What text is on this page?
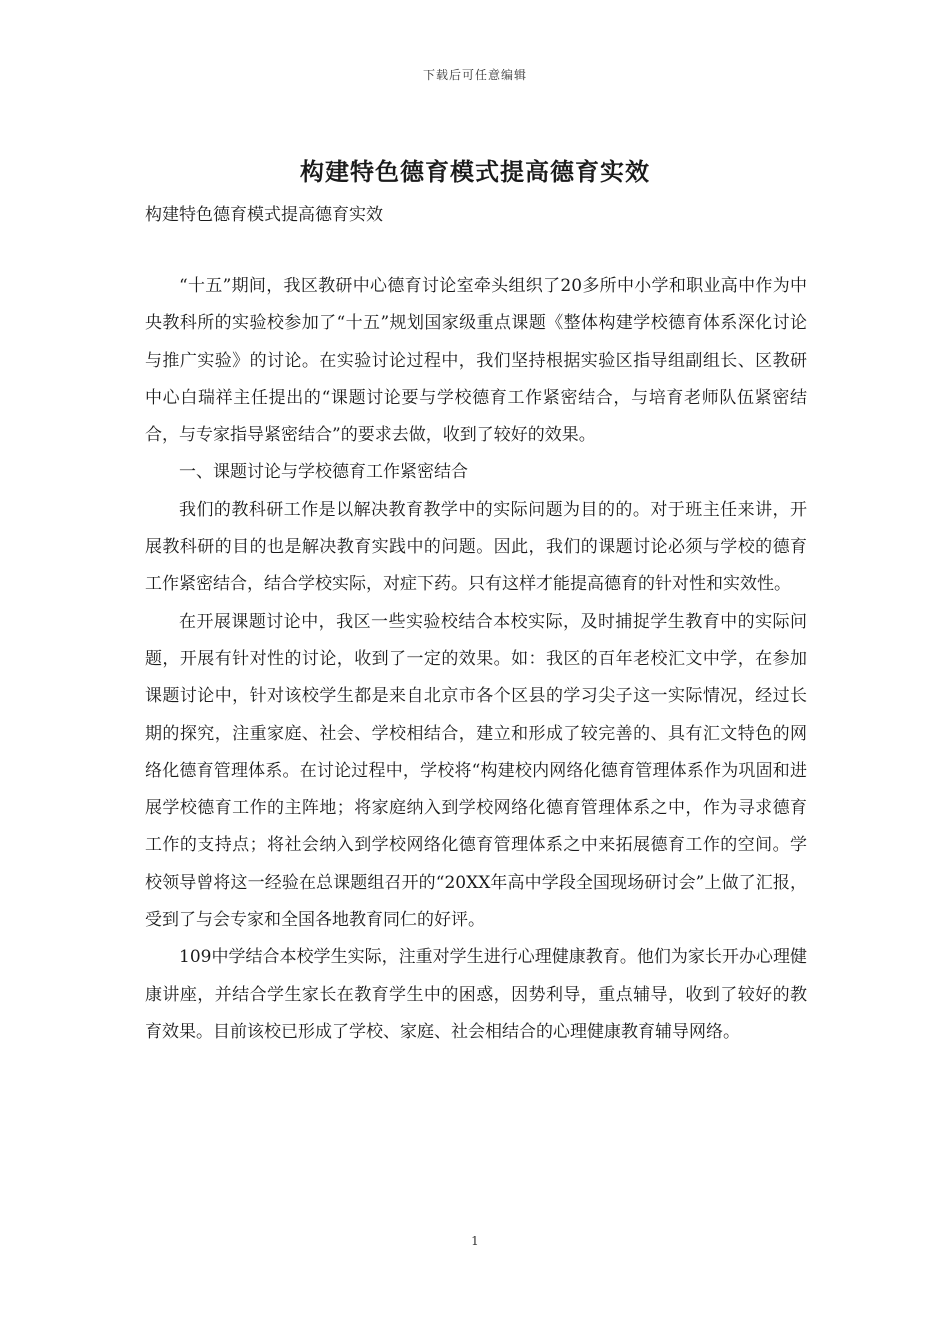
下载后可任意编辑
构建特色德育模式提高德育实效

构建特色德育模式提高德育实效

“十五”期间，我区教研中心德育讨论室牵头组织了20多所中小学和职业高中作为中央教科所的实验校参加了“十五”规划国家级重点课题《整体构建学校德育体系深化讨论与推广实验》的讨论。在实验讨论过程中，我们坚持根据实验区指导组副组长、区教研中心白瑞祥主任提出的“课题讨论要与学校德育工作紧密结合，与培育老师队伍紧密结合，与专家指导紧密结合”的要求去做，收到了较好的效果。

一、课题讨论与学校德育工作紧密结合

我们的教科研工作是以解决教育教学中的实际问题为目的的。对于班主任来讲，开展教科研的目的也是解决教育实践中的问题。因此，我们的课题讨论必须与学校的德育工作紧密结合，结合学校实际，对症下药。只有这样才能提高德育的针对性和实效性。

在开展课题讨论中，我区一些实验校结合本校实际，及时捕捉学生教育中的实际问题，开展有针对性的讨论，收到了一定的效果。如：我区的百年老校汇文中学，在参加课题讨论中，针对该校学生都是来自北京市各个区县的学习尖子这一实际情况，经过长期的探究，注重家庭、社会、学校相结合，建立和形成了较完善的、具有汇文特色的网络化德育管理体系。在讨论过程中，学校将“构建校内网络化德育管理体系作为巩固和进展学校德育工作的主阵地；将家庭纳入到学校网络化德育管理体系之中，作为寻求德育工作的支持点；将社会纳入到学校网络化德育管理体系之中来拓展德育工作的空间。学校领导曾将这一经验在总课题组召开的“20XX年高中学段全国现场研讨会”上做了汇报，受到了与会专家和全国各地教育同仁的好评。

109中学结合本校学生实际，注重对学生进行心理健康教育。他们为家长开办心理健康讲座，并结合学生家长在教育学生中的困惑，因势利导，重点辅导，收到了较好的教育效果。目前该校已形成了学校、家庭、社会相结合的心理健康教育辅导网络。

1
